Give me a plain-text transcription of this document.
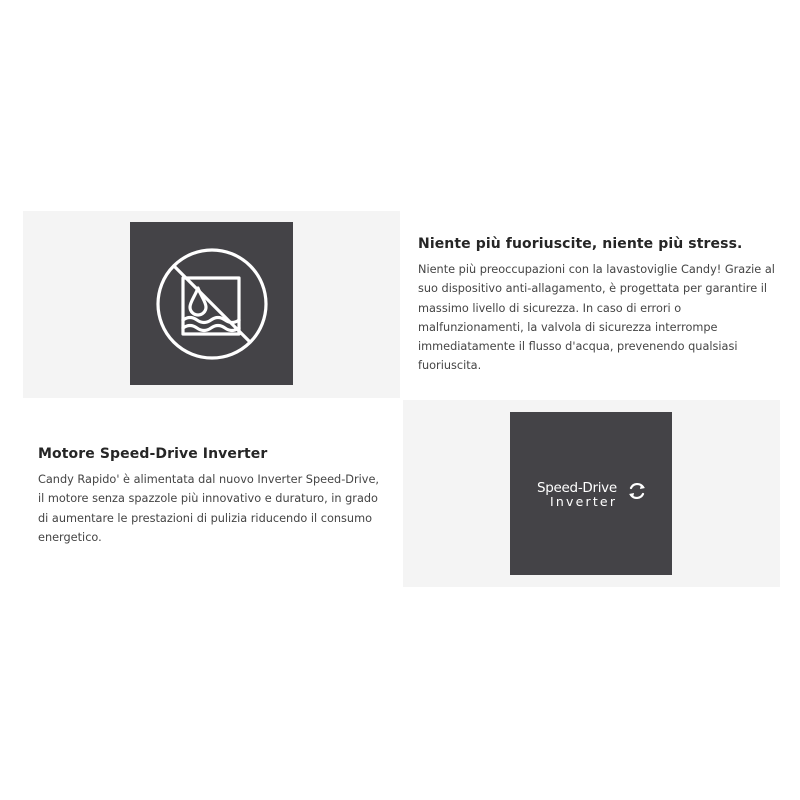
Niente più fuoriuscite, niente più stress.

Niente più preoccupazioni con la lavastoviglie Candy! Grazie al suo dispositivo anti-allagamento, è progettata per garantire il massimo livello di sicurezza. In caso di errori o malfunzionamenti, la valvola di sicurezza interrompe immediatamente il flusso d'acqua, prevenendo qualsiasi fuoriuscita.

Speed-Drive
Inverter
Motore Speed-Drive Inverter

Candy Rapido' è alimentata dal nuovo Inverter Speed-Drive, il motore senza spazzole più innovativo e duraturo, in grado di aumentare le prestazioni di pulizia riducendo il consumo energetico.
